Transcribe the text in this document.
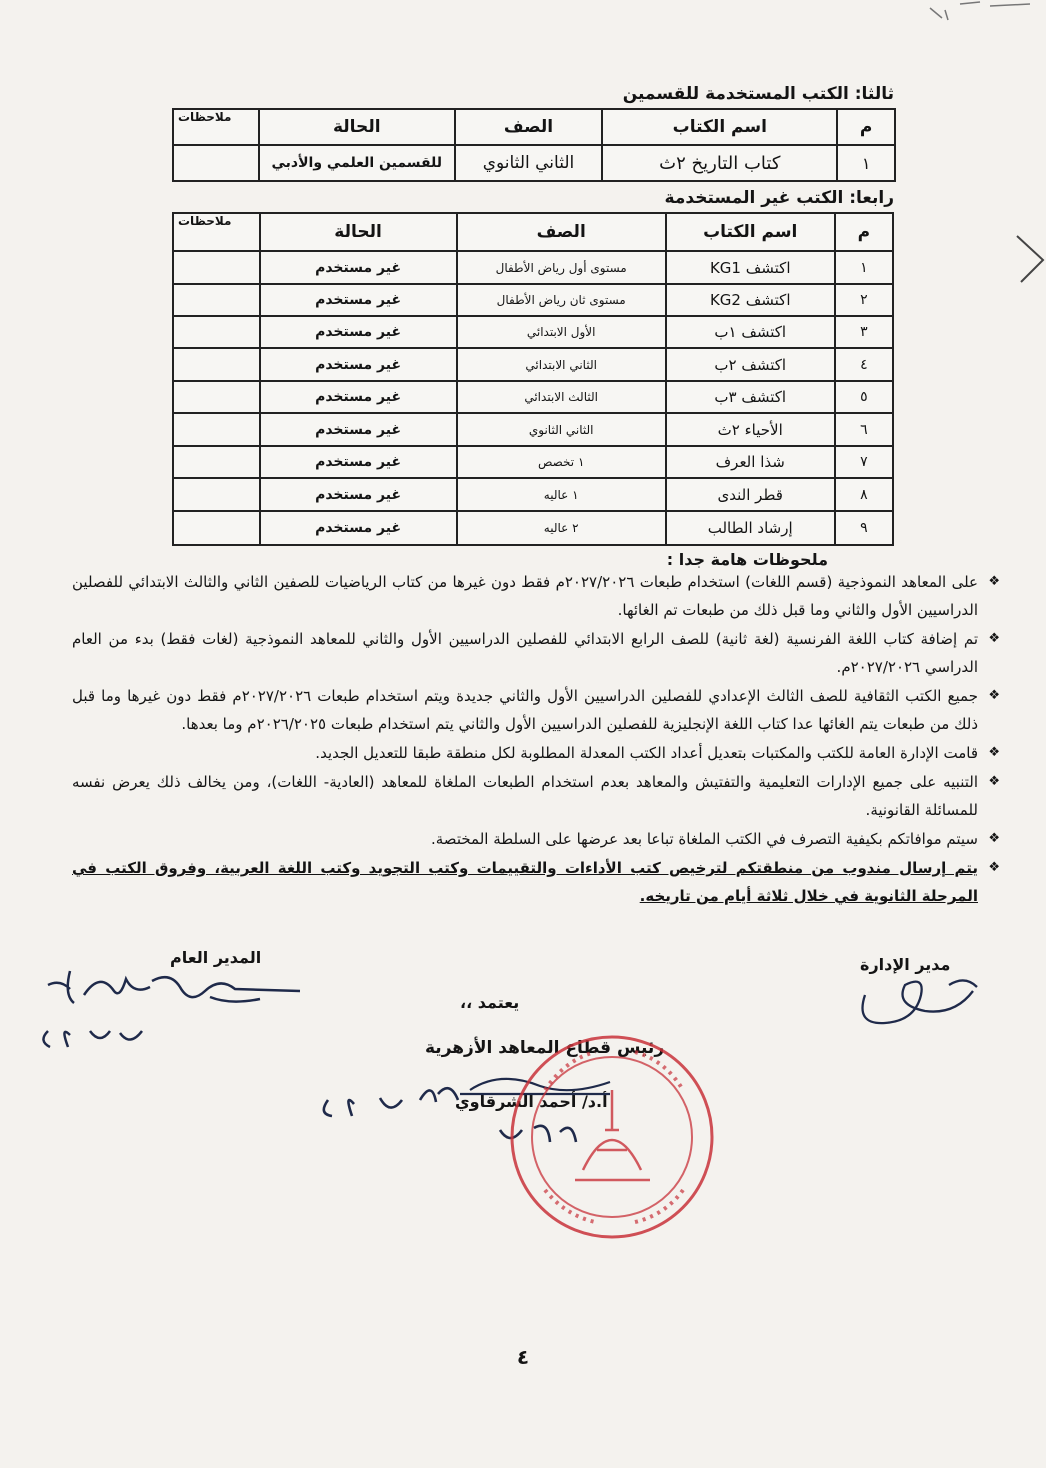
ثالثا: الكتب المستخدمة للقسمين
م	اسم الكتاب	الصف	الحالة	ملاحظات
١	كتاب التاريخ ٢ث	الثاني الثانوي	للقسمين العلمي والأدبي	
رابعا: الكتب غير المستخدمة
م	اسم الكتاب	الصف	الحالة	ملاحظات
١	اكتشف KG1	مستوى أول رياض الأطفال	غير مستخدم	
٢	اكتشف KG2	مستوى ثان رياض الأطفال	غير مستخدم	
٣	اكتشف ١ب	الأول الابتدائي	غير مستخدم	
٤	اكتشف ٢ب	الثاني الابتدائي	غير مستخدم	
٥	اكتشف ٣ب	الثالث الابتدائي	غير مستخدم	
٦	الأحياء ٢ث	الثاني الثانوي	غير مستخدم	
٧	شذا العرف	١ تخصص	غير مستخدم	
٨	قطر الندى	١ عاليه	غير مستخدم	
٩	إرشاد الطالب	٢ عاليه	غير مستخدم	
ملحوظات هامة جدا :
❖ على المعاهد النموذجية (قسم اللغات) استخدام طبعات ٢٠٢٧/٢٠٢٦م فقط دون غيرها من كتاب الرياضيات للصفين الثاني والثالث الابتدائي للفصلين الدراسيين الأول والثاني وما قبل ذلك من طبعات تم الغائها.
❖ تم إضافة كتاب اللغة الفرنسية (لغة ثانية) للصف الرابع الابتدائي للفصلين الدراسيين الأول والثاني للمعاهد النموذجية (لغات فقط) بدء من العام الدراسي ٢٠٢٧/٢٠٢٦م.
❖ جميع الكتب الثقافية للصف الثالث الإعدادي للفصلين الدراسيين الأول والثاني جديدة ويتم استخدام طبعات ٢٠٢٧/٢٠٢٦م فقط دون غيرها وما قبل ذلك من طبعات يتم الغائها عدا كتاب اللغة الإنجليزية للفصلين الدراسيين الأول والثاني يتم استخدام طبعات ٢٠٢٦/٢٠٢٥م وما بعدها.
❖ قامت الإدارة العامة للكتب والمكتبات بتعديل أعداد الكتب المعدلة المطلوبة لكل منطقة طبقا للتعديل الجديد.
❖ التنبيه على جميع الإدارات التعليمية والتفتيش والمعاهد بعدم استخدام الطبعات الملغاة للمعاهد (العادية- اللغات)، ومن يخالف ذلك يعرض نفسه للمسائلة القانونية.
❖ سيتم موافاتكم بكيفية التصرف في الكتب الملغاة تباعا بعد عرضها على السلطة المختصة.
❖ يتم إرسال مندوب من منطقتكم لترخيص كتب الأداءات والتقييمات وكتب التجويد وكتب اللغة العربية، وفروق الكتب في المرحلة الثانوية في خلال ثلاثة أيام من تاريخه.
المدير العام	مدير الإدارة
يعتمد ،،
رئيس قطاع المعاهد الأزهرية
أ.د/ أحمد الشرقاوي
٤
